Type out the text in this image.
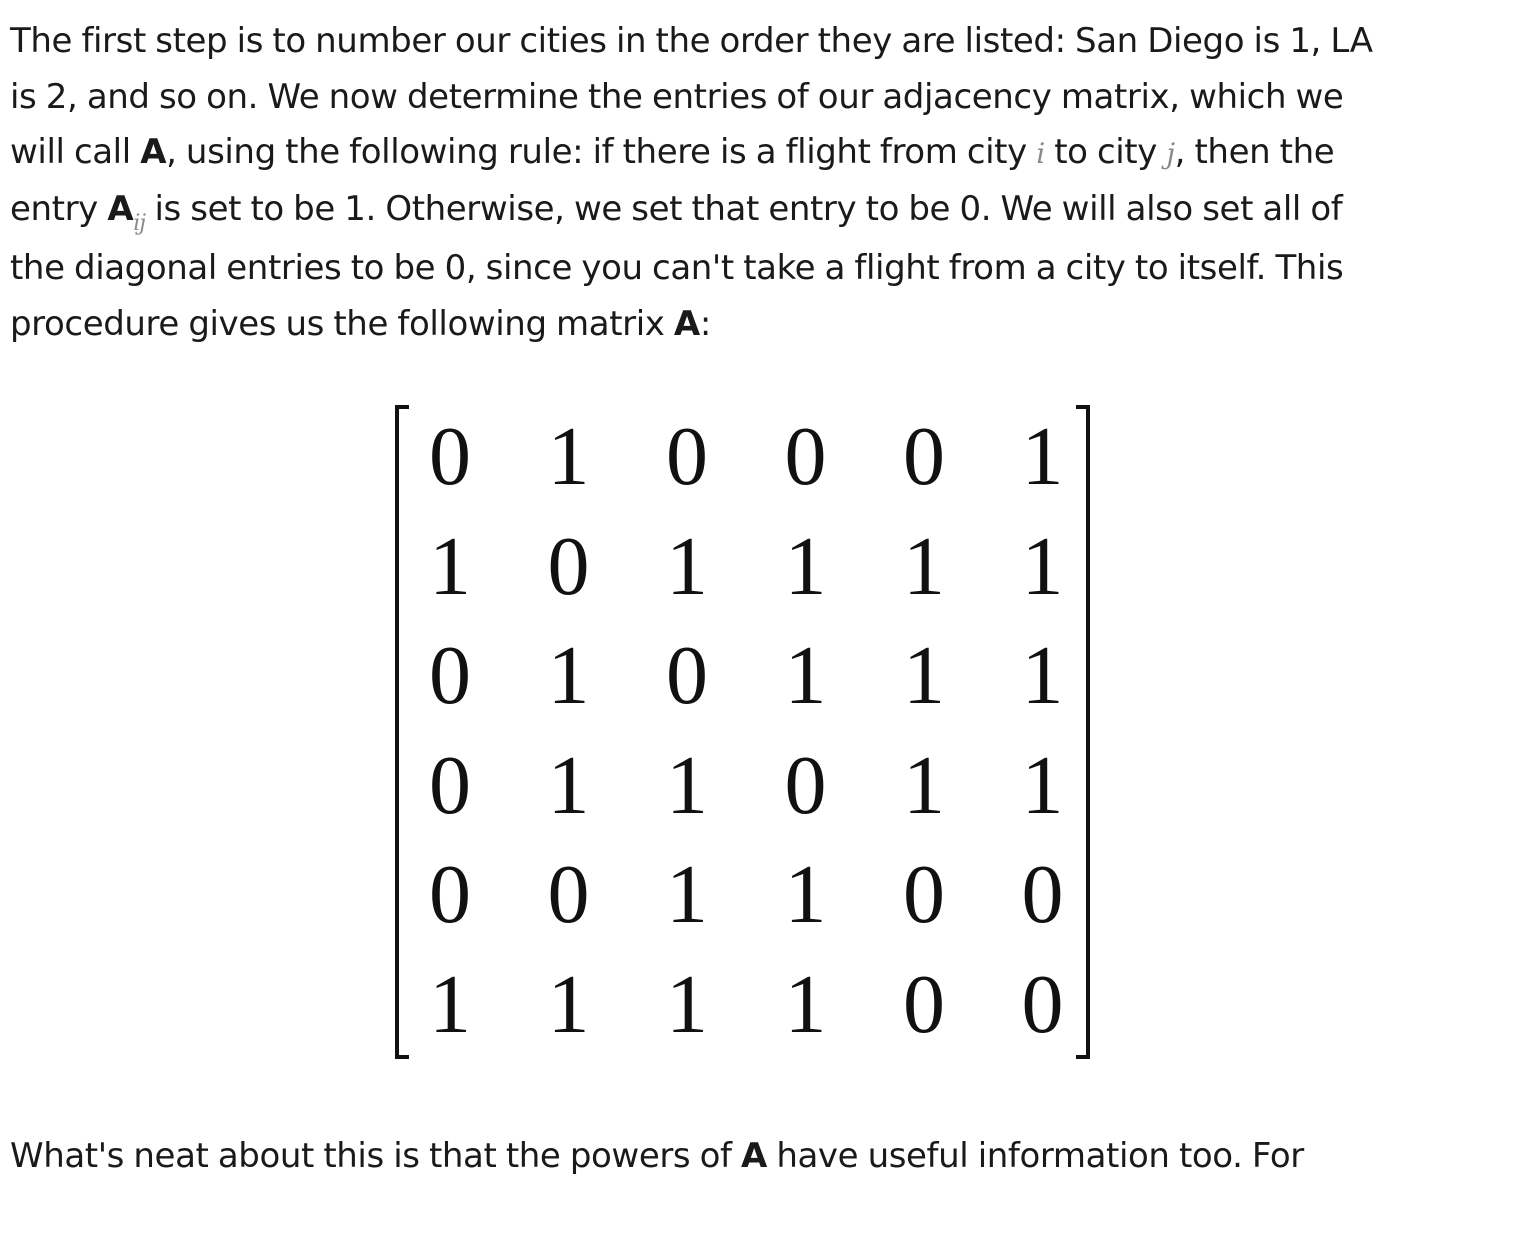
The first step is to number our cities in the order they are listed: San Diego is 1, LA
is 2, and so on. We now determine the entries of our adjacency matrix, which we
will call A, using the following rule: if there is a flight from city i to city j, then the
entry $A_{ij}$ is set to be 1. Otherwise, we set that entry to be 0. We will also set all of
the diagonal entries to be 0, since you can't take a flight from a city to itself. This
procedure gives us the following matrix A:
0 1 0 0 0 1
1 0 1 1 1 1
0 1 0 1 1 1
0 1 1 0 1 1
0 0 1 1 0 0
1 1 1 1 0 0

What's neat about this is that the powers of A have useful information too. For
